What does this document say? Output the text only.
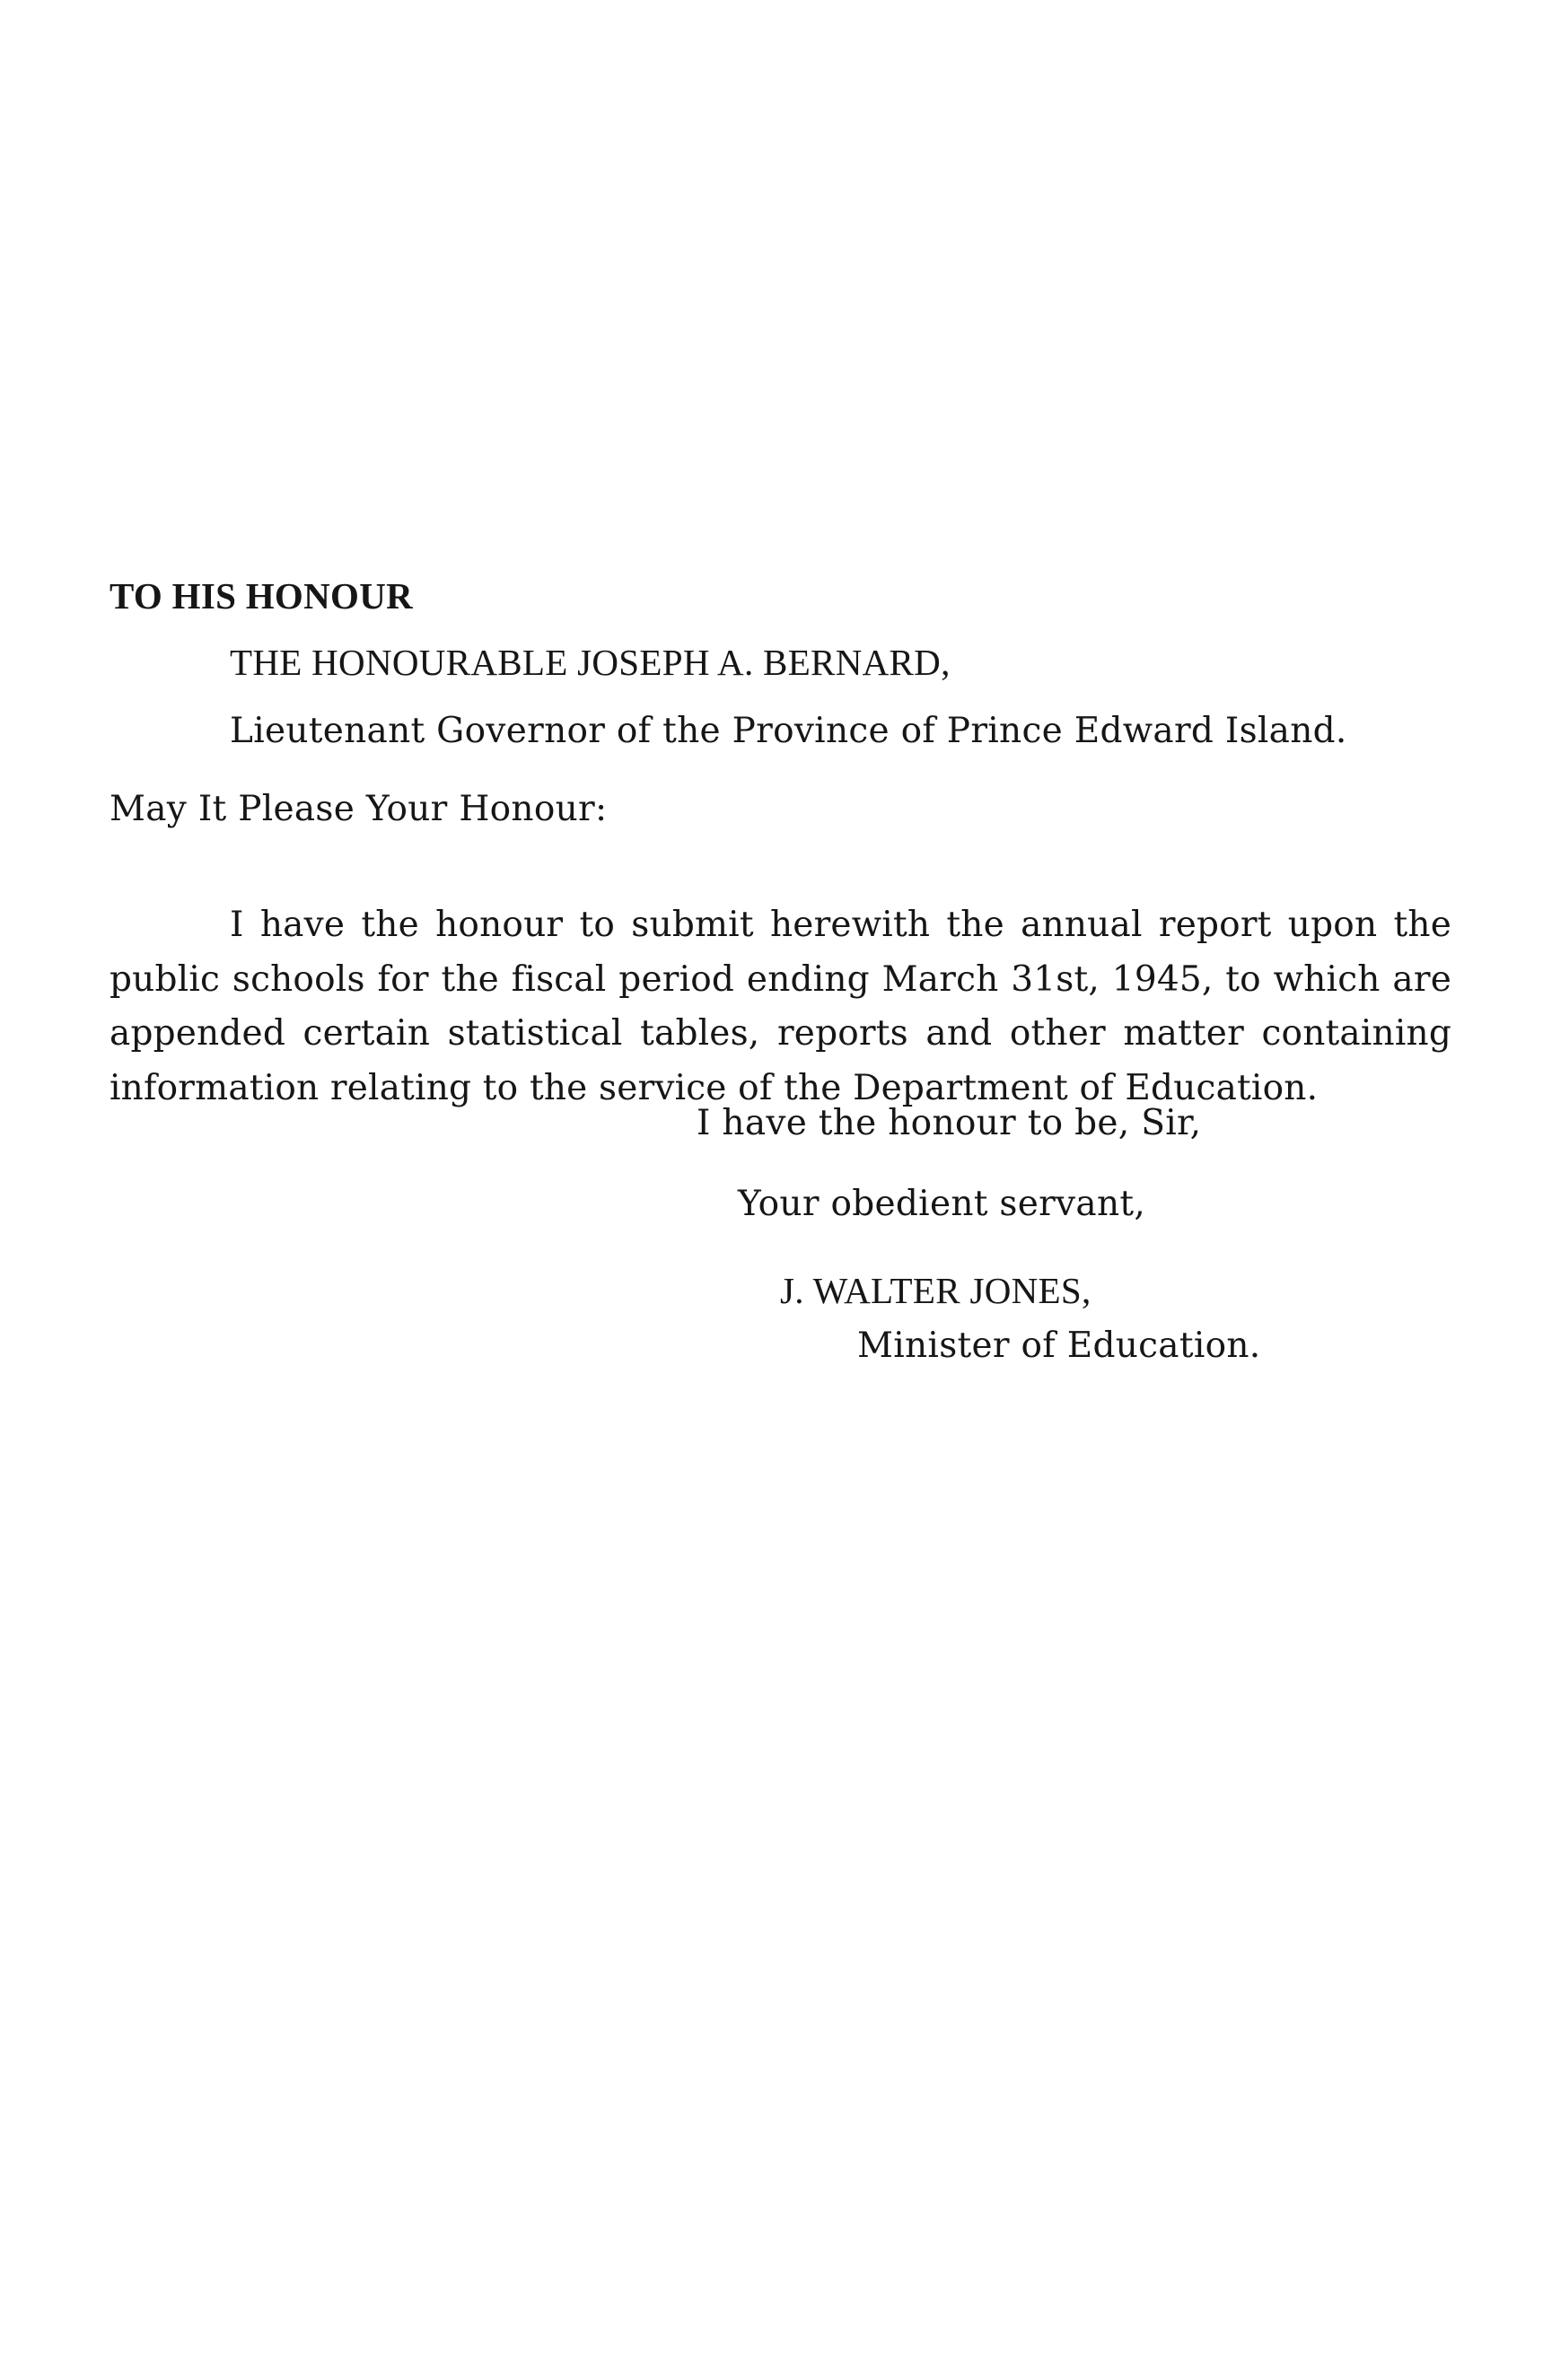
TO HIS HONOUR
THE HONOURABLE JOSEPH A. BERNARD,
Lieutenant Governor of the Province of Prince Edward Island.
May It Please Your Honour:

I have the honour to submit herewith the annual report upon the public schools for the fiscal period ending March 31st, 1945, to which are appended certain statistical tables, reports and other matter containing information relating to the service of the Department of Education.

I have the honour to be, Sir,
Your obedient servant,
J. WALTER JONES,
Minister of Education.
